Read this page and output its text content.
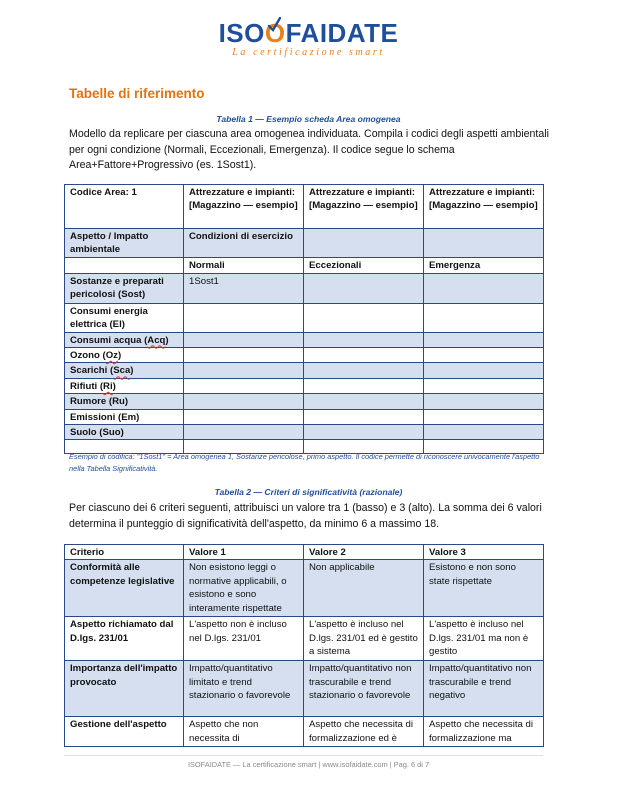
ISOO
FAIDATE
La certificazione smart
Tabelle di riferimento
Tabella 1 — Esempio scheda Area omogenea
Modello da replicare per ciascuna area omogenea individuata. Compila i codici degli aspetti ambientali per ogni condizione (Normali, Eccezionali, Emergenza). Il codice segue lo schema Area+Fattore+Progressivo (es. 1Sost1).
Codice Area: 1	Attrezzature e impianti: [Magazzino — esempio]	Attrezzature e impianti: [Magazzino — esempio]	Attrezzature e impianti: [Magazzino — esempio]
Aspetto / Impatto ambientale	Condizioni di esercizio		
	Normali	Eccezionali	Emergenza
Sostanze e preparati pericolosi (Sost)	1Sost1		
Consumi energia elettrica (El)			
Consumi acqua (Acq)			
Ozono (Oz)			
Scarichi (Sca)			
Rifiuti (Ri)			
Rumore (Ru)			
Emissioni (Em)			
Suolo (Suo)			

Esempio di codifica: "1Sost1" = Area omogenea 1, Sostanze pericolose, primo aspetto. Il codice permette di riconoscere univocamente l'aspetto nella Tabella Significatività.
Tabella 2 — Criteri di significatività (razionale)
Per ciascuno dei 6 criteri seguenti, attribuisci un valore tra 1 (basso) e 3 (alto). La somma dei 6 valori determina il punteggio di significatività dell'aspetto, da minimo 6 a massimo 18.
Criterio	Valore 1	Valore 2	Valore 3
Conformità alle competenze legislative	Non esistono leggi o normative applicabili, o esistono e sono interamente rispettate	Non applicabile	Esistono e non sono state rispettate
Aspetto richiamato dal D.lgs. 231/01	L'aspetto non è incluso nel D.lgs. 231/01	L'aspetto è incluso nel D.lgs. 231/01 ed è gestito a sistema	L'aspetto è incluso nel D.lgs. 231/01 ma non è gestito
Importanza dell'impatto provocato	Impatto/quantitativo limitato e trend stazionario o favorevole	Impatto/quantitativo non trascurabile e trend stazionario o favorevole	Impatto/quantitativo non trascurabile e trend negativo
Gestione dell'aspetto	Aspetto che non necessita di	Aspetto che necessita di formalizzazione ed è	Aspetto che necessita di formalizzazione ma
ISOFAIDATE — La certificazione smart | www.isofaidate.com | Pag. 6 di 7
